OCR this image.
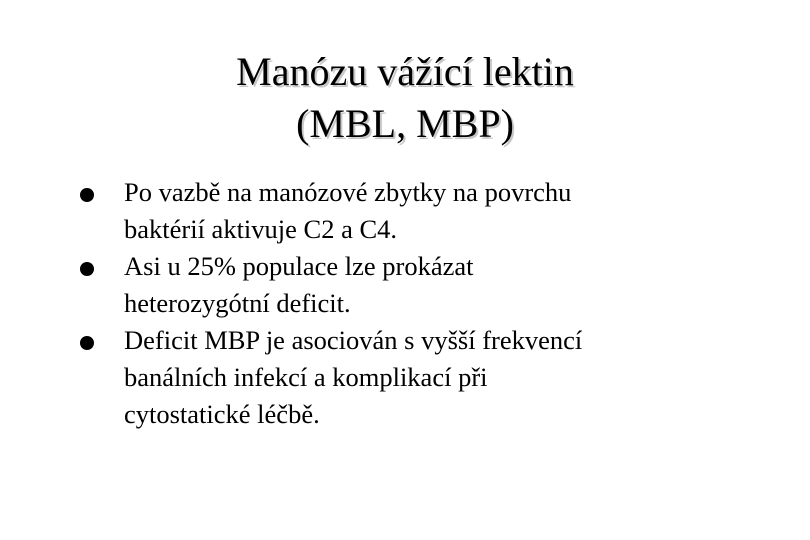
Manózu vážící lektin
(MBL, MBP)
Po vazbě na manózové zbytky na povrchu
baktérií aktivuje C2 a C4.
Asi u 25% populace lze prokázat
heterozygótní deficit.
Deficit MBP je asociován s vyšší frekvencí
banálních infekcí a komplikací při
cytostatické léčbě.
